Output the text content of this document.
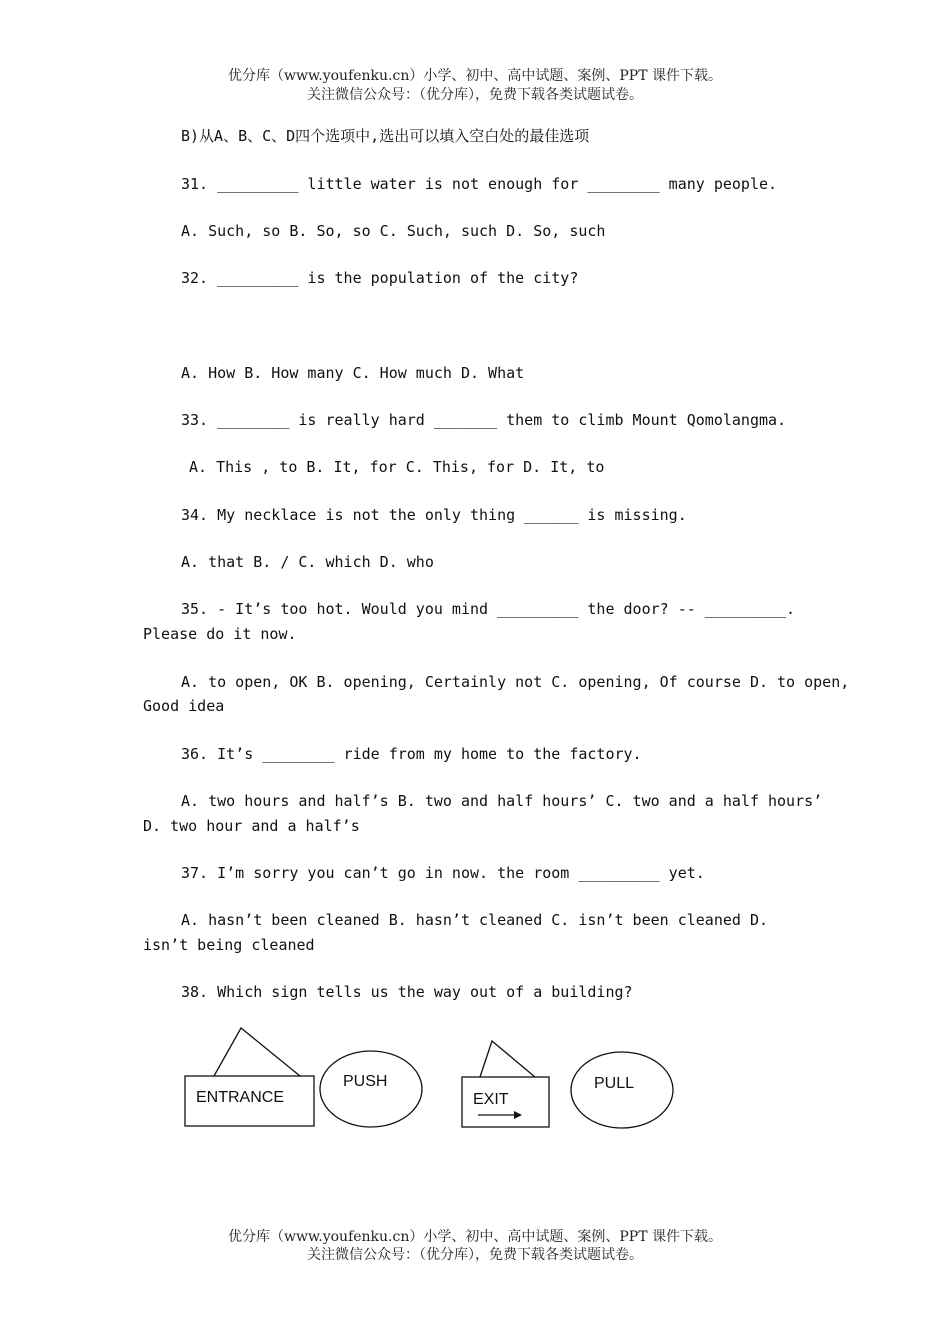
优分库（www.youfenku.cn）小学、初中、高中试题、案例、PPT 课件下载。
关注微信公众号：（优分库），免费下载各类试题试卷。
B)从A、B、C、D四个选项中,选出可以填入空白处的最佳选项
31. _________ little water is not enough for ________ many people.
A. Such, so B. So, so C. Such, such D. So, such
32. _________ is the population of the city?
A. How B. How many C. How much D. What
33. ________ is really hard _______ them to climb Mount Qomolangma.
A. This , to B. It, for C. This, for D. It, to
34. My necklace is not the only thing ______ is missing.
A. that B. / C. which D. who
35. - It’s too hot. Would you mind _________ the door? -- _________.
Please do it now.
A. to open, OK B. opening, Certainly not C. opening, Of course D. to open,
Good idea
36. It’s ________ ride from my home to the factory.
A. two hours and half’s B. two and half hours’ C. two and a half hours’
D. two hour and a half’s
37. I’m sorry you can’t go in now. the room _________ yet.
A. hasn’t been cleaned B. hasn’t cleaned C. isn’t been cleaned D.
isn’t being cleaned
38. Which sign tells us the way out of a building?
ENTRANCE
PUSH
EXIT
PULL
优分库（www.youfenku.cn）小学、初中、高中试题、案例、PPT 课件下载。
关注微信公众号：（优分库），免费下载各类试题试卷。
